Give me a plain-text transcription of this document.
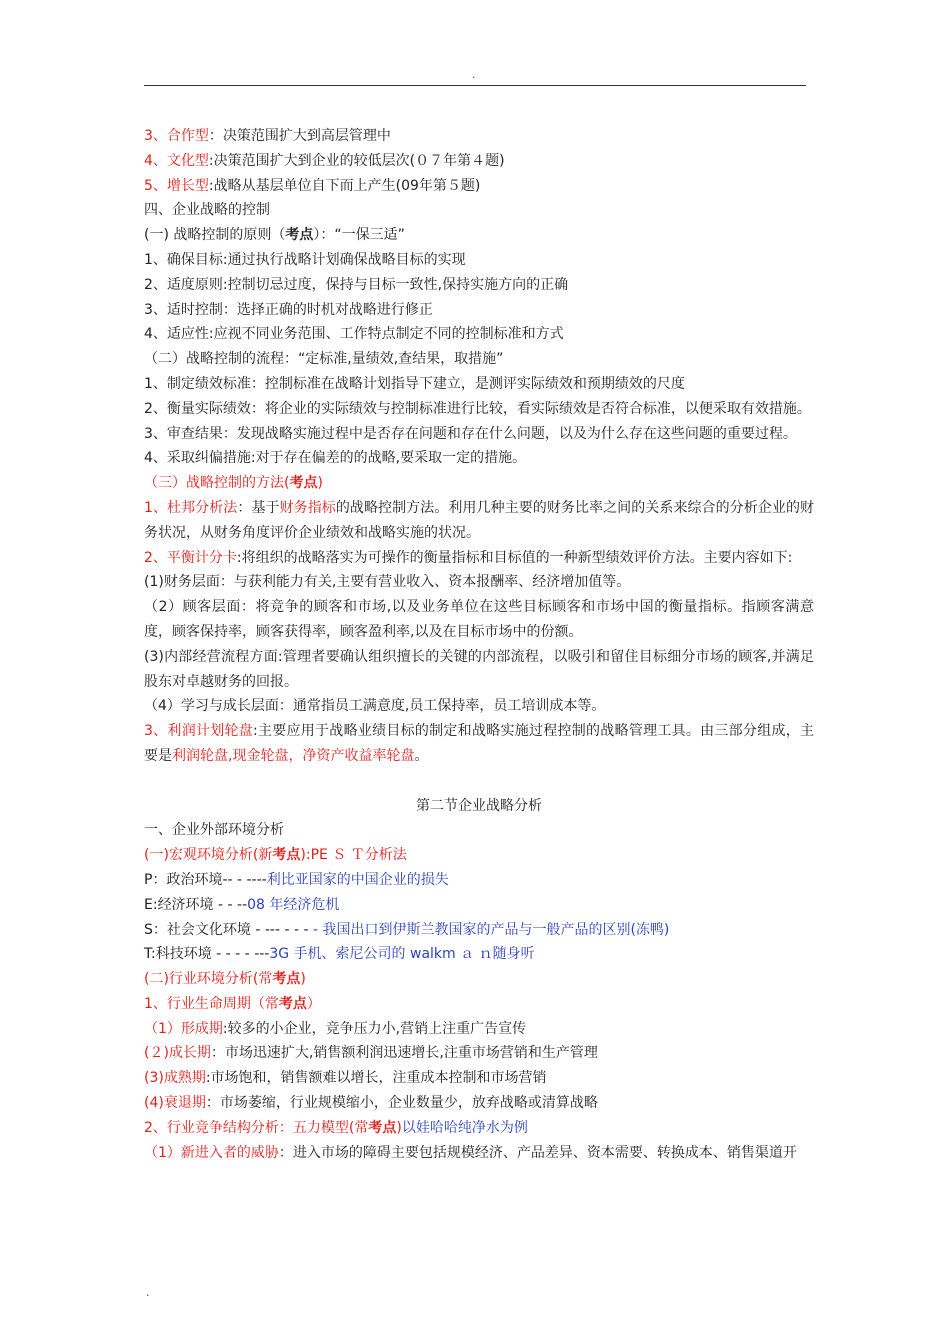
.
3、合作型：决策范围扩大到高层管理中
4、文化型:决策范围扩大到企业的较低层次(０７年第４题)
5、增长型:战略从基层单位自下而上产生(09年第５题)
四、企业战略的控制
(一) 战略控制的原则（考点）：“一保三适”
1、确保目标:通过执行战略计划确保战略目标的实现
2、适度原则:控制切忌过度，保持与目标一致性,保持实施方向的正确
3、适时控制：选择正确的时机对战略进行修正
4、适应性:应视不同业务范围、工作特点制定不同的控制标准和方式
（二）战略控制的流程：“定标准,量绩效,查结果，取措施”
1、制定绩效标准：控制标准在战略计划指导下建立，是测评实际绩效和预期绩效的尺度
2、衡量实际绩效：将企业的实际绩效与控制标准进行比较，看实际绩效是否符合标准，以便采取有效措施。
3、审查结果：发现战略实施过程中是否存在问题和存在什么问题，以及为什么存在这些问题的重要过程。
4、采取纠偏措施:对于存在偏差的的战略,要采取一定的措施。
（三）战略控制的方法(考点)
1、杜邦分析法：基于财务指标的战略控制方法。利用几种主要的财务比率之间的关系来综合的分析企业的财务状况，从财务角度评价企业绩效和战略实施的状况。
2、平衡计分卡:将组织的战略落实为可操作的衡量指标和目标值的一种新型绩效评价方法。主要内容如下:
(1)财务层面：与获利能力有关,主要有营业收入、资本报酬率、经济增加值等。
（2）顾客层面：将竞争的顾客和市场,以及业务单位在这些目标顾客和市场中国的衡量指标。指顾客满意度，顾客保持率，顾客获得率，顾客盈利率,以及在目标市场中的份额。
(3)内部经营流程方面:管理者要确认组织擅长的关键的内部流程，以吸引和留住目标细分市场的顾客,并满足股东对卓越财务的回报。
（4）学习与成长层面：通常指员工满意度,员工保持率，员工培训成本等。
3、利润计划轮盘:主要应用于战略业绩目标的制定和战略实施过程控制的战略管理工具。由三部分组成，主要是利润轮盘,现金轮盘，净资产收益率轮盘。
第二节企业战略分析
一、企业外部环境分析
(一)宏观环境分析(新考点):PE Ｓ Ｔ分析法
P：政治环境-- - ----利比亚国家的中国企业的损失
E:经济环境 - - --08 年经济危机
S：社会文化环境 - --- - - - - 我国出口到伊斯兰教国家的产品与一般产品的区别(冻鸭)
T:科技环境 - - - - ---3G 手机、索尼公司的 walkm ａ ｎ随身听
(二)行业环境分析(常考点)
1、行业生命周期（常考点）
（1）形成期:较多的小企业，竞争压力小,营销上注重广告宣传
(２)成长期：市场迅速扩大,销售额利润迅速增长,注重市场营销和生产管理
(3)成熟期:市场饱和，销售额难以增长，注重成本控制和市场营销
(4)衰退期：市场萎缩，行业规模缩小，企业数量少，放弃战略或清算战略
2、行业竞争结构分析：五力模型(常考点)以娃哈哈纯净水为例
（1）新进入者的威胁：进入市场的障碍主要包括规模经济、产品差异、资本需要、转换成本、销售渠道开
.
